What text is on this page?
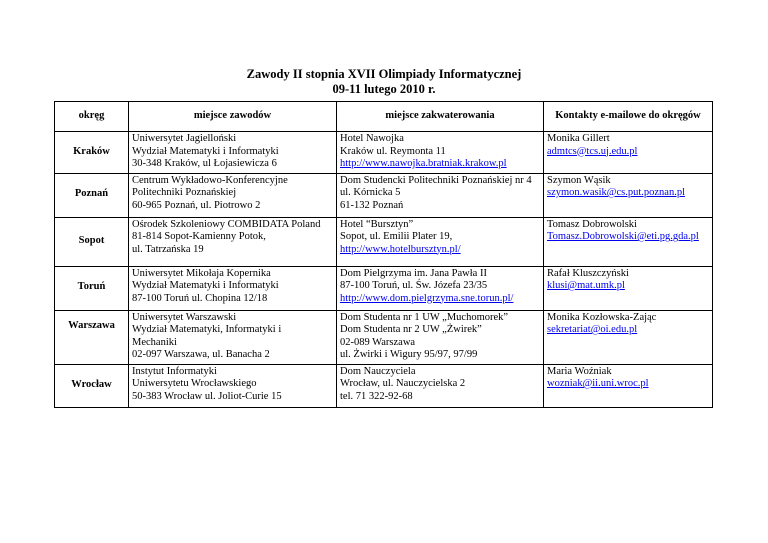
Zawody II stopnia XVII Olimpiady Informatycznej
09-11 lutego 2010 r.
okręg	miejsce zawodów	miejsce zakwaterowania	Kontakty e-mailowe do okręgów
Kraków	Uniwersytet Jagielloński
Wydział Matematyki i Informatyki
30-348 Kraków, ul Łojasiewicza 6	Hotel Nawojka
Kraków ul. Reymonta 11
http://www.nawojka.bratniak.krakow.pl	Monika Gillert
admtcs@tcs.uj.edu.pl

Poznań	Centrum Wykładowo-Konferencyjne
Politechniki Poznańskiej
60-965 Poznań, ul. Piotrowo 2	Dom Studencki Politechniki Poznańskiej nr 4
ul. Kórnicka 5
61-132 Poznań	Szymon Wąsik
szymon.wasik@cs.put.poznan.pl

Sopot	Ośrodek Szkoleniowy COMBIDATA Poland
81-814 Sopot-Kamienny Potok,
ul. Tatrzańska 19	Hotel “Bursztyn”
Sopot, ul. Emilii Plater 19,
http://www.hotelbursztyn.pl/	Tomasz Dobrowolski
Tomasz.Dobrowolski@eti.pg.gda.pl

Toruń	Uniwersytet Mikołaja Kopernika
Wydział Matematyki i Informatyki
87-100 Toruń ul. Chopina 12/18	Dom Pielgrzyma im. Jana Pawła II
87-100 Toruń, ul. Św. Józefa 23/35
http://www.dom.pielgrzyma.sne.torun.pl/	Rafał Kluszczyński
klusi@mat.umk.pl

Warszawa	Uniwersytet Warszawski
Wydział Matematyki, Informatyki i
Mechaniki
02-097 Warszawa, ul. Banacha 2	Dom Studenta nr 1 UW „Muchomorek”
Dom Studenta nr 2 UW „Żwirek”
02-089 Warszawa
ul. Żwirki i Wigury 95/97, 97/99	Monika Kozłowska-Zając
sekretariat@oi.edu.pl

Wrocław	Instytut Informatyki
Uniwersytetu Wrocławskiego
50-383 Wrocław ul. Joliot-Curie 15	Dom Nauczyciela
Wrocław, ul. Nauczycielska 2
tel. 71 322-92-68	Maria Woźniak
wozniak@ii.uni.wroc.pl
